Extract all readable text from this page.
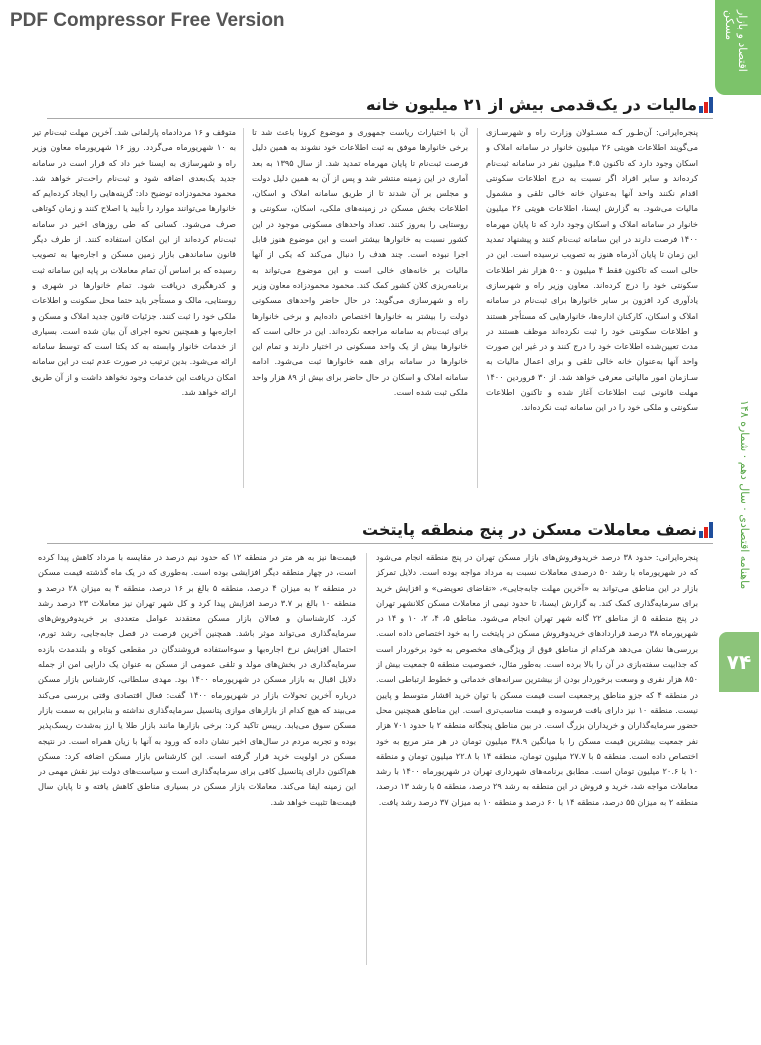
PDF Compressor Free Version	اقتصاد و بازار مسکن
ماهنامه اقتصادی · سال دهم · شماره ۱۴۸
۷۴
مالیات در یک‌قدمی بیش از ۲۱ میلیون خانه
پنجره‌ایرانی: آن‌طـور کـه مسـئولان وزارت راه و شهرسـازی می‌گویند اطلاعات هویتی ۲۶ میلیون خانوار در سامانه املاک و اسکان وجود دارد که تاکنون ۴.۵ میلیون نفر در سامانه ثبت‌نام کرده‌اند و سایر افراد اگر نسبت به درج اطلاعات سکونتی اقدام نکنند واحد آنها به‌عنوان خانه خالی تلقی و مشمول مالیات می‌شود. به گزارش ایسنا، اطلاعات هویتی ۲۶ میلیون خانوار در سامانه املاک و اسکان وجود دارد که تا پایان مهرماه ۱۴۰۰ فرصت دارند در این سامانه ثبت‌نام کنند و پیشنهاد تمدید این زمان تا پایان آذرماه هنوز به تصویب نرسیده است. این در حالی است که تاکنون فقط ۴ میلیون و ۵۰۰ هزار نفر اطلاعات سکونتی خود را درج کرده‌اند. معاون وزیر راه و شهرسازی یادآوری کرد افزون بر سایر خانوارها برای ثبت‌نام در سامانه املاک و اسکان، کارکنان اداره‌ها، خانوارهایی که مستأجر هستند و اطلاعات سکونتی خود را ثبت نکرده‌اند موظف هستند در مدت تعیین‌شده اطلاعات خود را درج کنند و در غیر این صورت واحد آنها به‌عنوان خانه خالی تلقی و برای اعمال مالیات به سـازمان امور مالیاتی معرفی خواهد شد. از ۳۰ فروردین ۱۴۰۰ مهلت قانونی ثبت اطلاعات آغاز شده و تاکنون اطلاعات سکونتی و ملکی خود را در این سامانه ثبت نکرده‌اند.
آن با اختیارات ریاست جمهوری و موضوع کرونا باعث شد تا برخی خانوارها موفق به ثبت اطلاعات خود نشوند به همین دلیل فرصت ثبت‌نام تا پایان مهرماه تمدید شد. از سال ۱۳۹۵ به بعد آماری در این زمینه منتشر شد و پس از آن به همین دلیل دولت و مجلس بر آن شدند تا از طریق سامانه املاک و اسکان، اطلاعات بخش مسکن در زمینه‌های ملکی، اسکان، سکونتی و روستایی را به‌روز کنند. تعداد واحدهای مسکونی موجود در این کشور نسبت به خانوارها بیشتر است و این موضوع هنوز قابل اجرا نبوده است. چند هدف را دنبال می‌کند که یکی از آنها مالیات بر خانه‌های خالی است و این موضوع می‌تواند به برنامه‌ریزی کلان کشور کمک کند. محمود محمودزاده معاون وزیر راه و شهرسازی می‌گوید: در حال حاضر واحدهای مسکونی دولت را بیشتر به خانوارها اختصاص داده‌ایم و برخی خانوارها برای ثبت‌نام به سامانه مراجعه نکرده‌اند. این در حالی است که خانوارها بیش از یک واحد مسکونی در اختیار دارند و تمام این خانوارها در سامانه برای همه خانوارها ثبت می‌شود. ادامه سامانه املاک و اسکان در حال حاضر برای بیش از ۸۹ هزار واحد ملکی ثبت شده است.
متوقف و ۱۶ مردادماه پارلمانی شد. آخرین مهلت ثبت‌نام تیر به ۱۰ شهریورماه می‌گردد. روز ۱۶ شهریورماه معاون وزیر راه و شهرسازی به ایسنا خبر داد که قرار است در سامانه جدید یک‌بعدی اضافه شود و ثبت‌نام راحت‌تر خواهد شد. محمود محمودزاده توضیح داد: گزینه‌هایی را ایجاد کرده‌ایم که خانوارها می‌توانند موارد را تأیید یا اصلاح کنند و زمان کوتاهی صرف می‌شود. کسانی که طی روزهای اخیر در سامانه ثبت‌نام کرده‌اند از این امکان استفاده کنند. از طرف دیگر قانون ساماندهی بازار زمین مسکن و اجاره‌بها به تصویب رسیده که بر اساس آن تمام معاملات بر پایه این سامانه ثبت و کدرهگیری دریافت شود. تمام خانوارها در شهری و روستایی، مالک و مستأجر باید حتما محل سکونت و اطلاعات ملکی خود را ثبت کنند. جزئیات قانون جدید املاک و مسکن و اجاره‌بها و همچنین نحوه اجرای آن بیان شده است. بسیاری از خدمات خانوار وابسته به کد یکتا است که توسط سامانه ارائه می‌شود. بدین ترتیب در صورت عدم ثبت در این سامانه امکان دریافت این خدمات وجود نخواهد داشت و از آن طریق ارائه خواهد شد.
نصف معاملات مسکن در پنج منطقه پایتخت
پنجره‌ایرانی: حدود ۳۸ درصد خریدوفروش‌های بازار مسکن تهران در پنج منطقه انجام می‌شود که در شهریورماه با رشد ۵۰ درصدی معاملات نسبت به مرداد مواجه بوده است. دلایل تمرکز بازار در این مناطق می‌تواند به «آخرین مهلت جابه‌جایی»، «تقاضای تعویضی» و افزایش خرید برای سرمایه‌گذاری کمک کند. به گزارش ایسنا، تا حدود نیمی از معاملات مسکن کلانشهر تهران در پنج منطقه ۵ از مناطق ۲۲ گانه شهر تهران انجام می‌شود. مناطق ۵، ۴، ۲، ۱۰ و ۱۴ در شهریورماه ۳۸ درصد قراردادهای خریدوفروش مسکن در پایتخت را به خود اختصاص داده است. بررسی‌ها نشان می‌دهد هرکدام از مناطق فوق از ویژگی‌های مخصوص به خود برخوردار است که جذابیت سفته‌بازی در آن را بالا برده است. به‌طور مثال، خصوصیت منطقه ۵ جمعیت بیش از ۸۵۰ هزار نفری و وسعت برخوردار بودن از بیشترین سرانه‌های خدماتی و خطوط ارتباطی است. در منطقه ۴ که جزو مناطق پرجمعیت است قیمت مسکن با توان خرید اقشار متوسط و پایین نیست. منطقه ۱۰ نیز دارای بافت فرسوده و قیمت مناسب‌تری است. این مناطق همچنین محل حضور سرمایه‌گذاران و خریداران بزرگ است. در بین مناطق پنجگانه منطقه ۲ با حدود ۷۰۱ هزار نفر جمعیت بیشترین قیمت مسکن را با میانگین ۳۸.۹ میلیون تومان در هر متر مربع به خود اختصاص داده است. منطقه ۵ با ۲۷.۷ میلیون تومان، منطقه ۱۴ با ۲۲.۸ میلیون تومان و منطقه ۱۰ با ۲۰.۶ میلیون تومان است. مطابق برنامه‌های شهرداری تهران در شهریورماه ۱۴۰۰ با رشد معاملات مواجه شد، خرید و فروش در این منطقه به رشد ۲۹ درصد، منطقه ۵ با رشد ۱۳ درصد، منطقه ۲ به میزان ۵۵ درصد، منطقه ۱۴ با ۶۰ درصد و منطقه ۱۰ به میزان ۳۷ درصد رشد یافت.
قیمت‌ها نیز به هر متر در منطقه ۱۲ که حدود نیم درصد در مقایسه با مرداد کاهش پیدا کرده است، در چهار منطقه دیگر افزایشی بوده است. به‌طوری که در یک ماه گذشته قیمت مسکن در منطقه ۲ به میزان ۴ درصد، منطقه ۵ بالغ بر ۱۶ درصد، منطقه ۴ به میزان ۲۸ درصد و منطقه ۱۰ بالغ بر ۳.۷ درصد افزایش پیدا کرد و کل شهر تهران نیز معاملات ۲۳ درصد رشد کرد. کارشناسان و فعالان بازار مسکن معتقدند عوامل متعددی بر خریدوفروش‌های سرمایه‌گذاری می‌تواند موثر باشد. همچنین آخرین فرصت در فصل جابه‌جایی، رشد تورم، احتمال افزایش نرخ اجاره‌بها و سوءاستفاده فروشندگان در مقطعی کوتاه و بلندمدت بازده سرمایه‌گذاری در بخش‌های مولد و تلقی عمومی از مسکن به عنوان یک دارایی امن از جمله دلایل اقبال به بازار مسکن در شهریورماه ۱۴۰۰ بود. مهدی سلطانی، کارشناس بازار مسکن درباره آخرین تحولات بازار در شهریورماه ۱۴۰۰ گفت: فعال اقتصادی وقتی بررسی می‌کند می‌بیند که هیچ کدام از بازارهای موازی پتانسیل سرمایه‌گذاری نداشته و بنابراین به سمت بازار مسکن سوق می‌یابد. رییس تاکید کرد: برخی بازارها مانند بازار طلا یا ارز به‌شدت ریسک‌پذیر بوده و تجربه مردم در سال‌های اخیر نشان داده که ورود به آنها با زیان همراه است. در نتیجه مسکن در اولویت خرید قرار گرفته است. این کارشناس بازار مسکن اضافه کرد: مسکن هم‌اکنون دارای پتانسیل کافی برای سرمایه‌گذاری است و سیاست‌های دولت نیز نقش مهمی در این زمینه ایفا می‌کند. معاملات بازار مسکن در بسیاری مناطق کاهش یافته و تا پایان سال قیمت‌ها تثبیت خواهد شد.
